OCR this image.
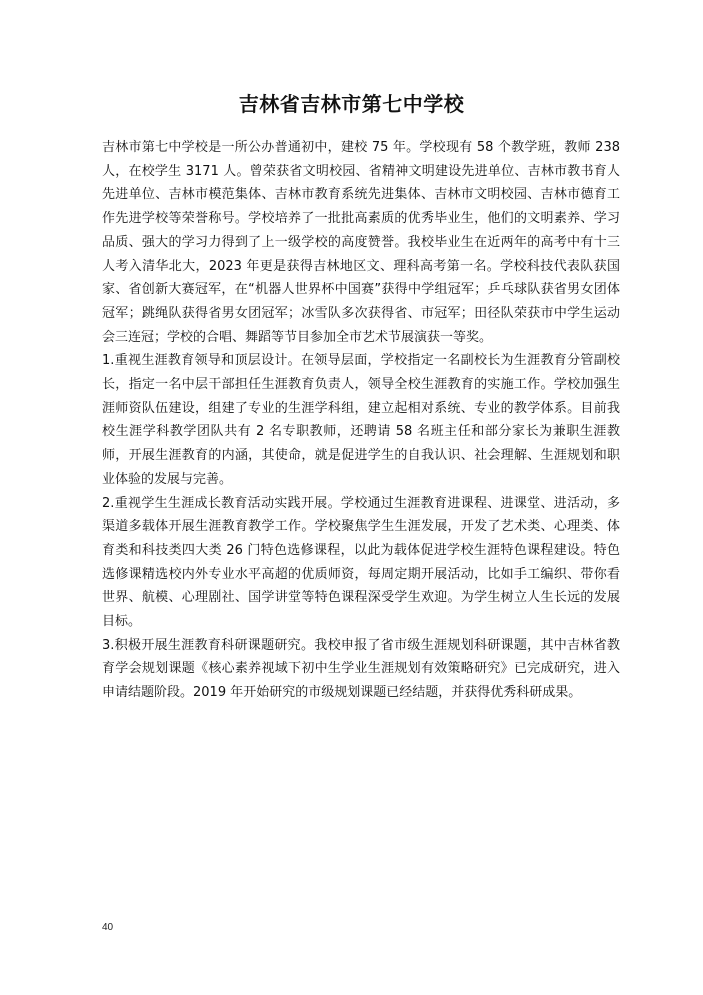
吉林省吉林市第七中学校

吉林市第七中学校是一所公办普通初中，建校 75 年。学校现有 58 个教学班，教师 238 人，在校学生 3171 人。曾荣获省文明校园、省精神文明建设先进单位、吉林市教书育人先进单位、吉林市模范集体、吉林市教育系统先进集体、吉林市文明校园、吉林市德育工作先进学校等荣誉称号。学校培养了一批批高素质的优秀毕业生，他们的文明素养、学习品质、强大的学习力得到了上一级学校的高度赞誉。我校毕业生在近两年的高考中有十三人考入清华北大，2023 年更是获得吉林地区文、理科高考第一名。学校科技代表队获国家、省创新大赛冠军，在“机器人世界杯中国赛”获得中学组冠军；乒乓球队获省男女团体冠军；跳绳队获得省男女团冠军；冰雪队多次获得省、市冠军；田径队荣获市中学生运动会三连冠；学校的合唱、舞蹈等节目参加全市艺术节展演获一等奖。

1.重视生涯教育领导和顶层设计。在领导层面，学校指定一名副校长为生涯教育分管副校长，指定一名中层干部担任生涯教育负责人，领导全校生涯教育的实施工作。学校加强生涯师资队伍建设，组建了专业的生涯学科组，建立起相对系统、专业的教学体系。目前我校生涯学科教学团队共有 2 名专职教师，还聘请 58 名班主任和部分家长为兼职生涯教师，开展生涯教育的内涵，其使命，就是促进学生的自我认识、社会理解、生涯规划和职业体验的发展与完善。

2.重视学生生涯成长教育活动实践开展。学校通过生涯教育进课程、进课堂、进活动，多渠道多载体开展生涯教育教学工作。学校聚焦学生生涯发展，开发了艺术类、心理类、体育类和科技类四大类 26 门特色选修课程，以此为载体促进学校生涯特色课程建设。特色选修课精选校内外专业水平高超的优质师资，每周定期开展活动，比如手工编织、带你看世界、航模、心理剧社、国学讲堂等特色课程深受学生欢迎。为学生树立人生长远的发展目标。

3.积极开展生涯教育科研课题研究。我校申报了省市级生涯规划科研课题，其中吉林省教育学会规划课题《核心素养视域下初中生学业生涯规划有效策略研究》已完成研究，进入申请结题阶段。2019 年开始研究的市级规划课题已经结题，并获得优秀科研成果。

40
